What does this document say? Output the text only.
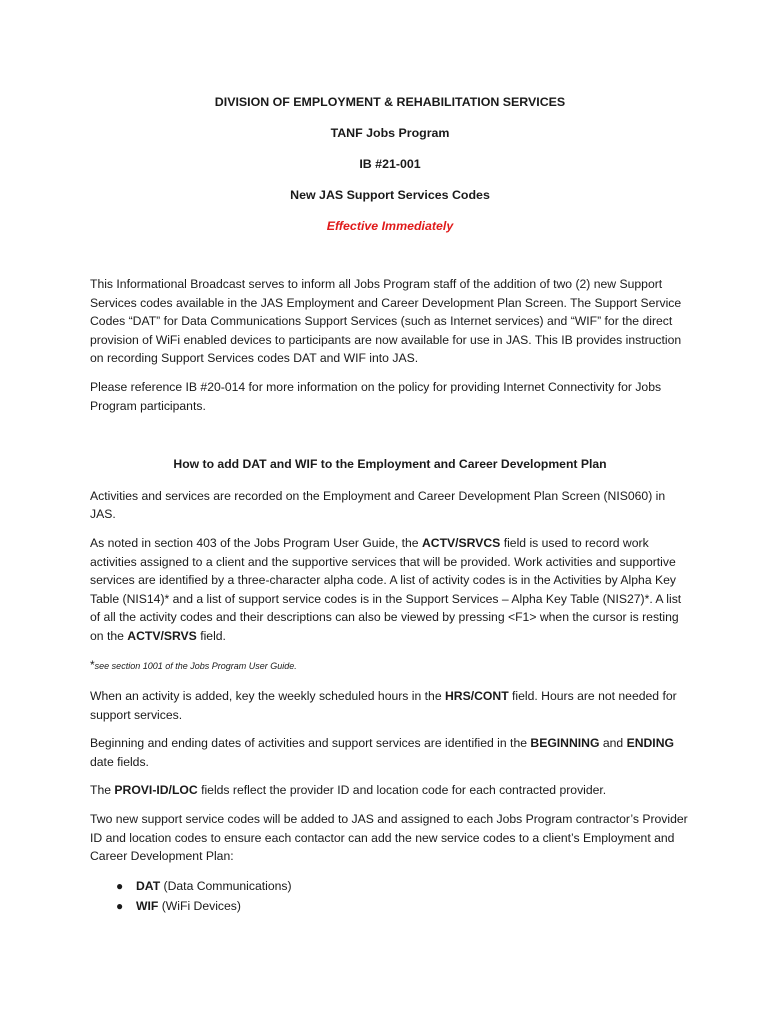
DIVISION OF EMPLOYMENT & REHABILITATION SERVICES
TANF Jobs Program
IB #21-001
New JAS Support Services Codes
Effective Immediately

This Informational Broadcast serves to inform all Jobs Program staff of the addition of two (2) new Support Services codes available in the JAS Employment and Career Development Plan Screen. The Support Service Codes “DAT” for Data Communications Support Services (such as Internet services) and “WIF” for the direct provision of WiFi enabled devices to participants are now available for use in JAS. This IB provides instruction on recording Support Services codes DAT and WIF into JAS.

Please reference IB #20-014 for more information on the policy for providing Internet Connectivity for Jobs Program participants.

How to add DAT and WIF to the Employment and Career Development Plan

Activities and services are recorded on the Employment and Career Development Plan Screen (NIS060) in JAS.

As noted in section 403 of the Jobs Program User Guide, the ACTV/SRVCS field is used to record work activities assigned to a client and the supportive services that will be provided. Work activities and supportive services are identified by a three-character alpha code. A list of activity codes is in the Activities by Alpha Key Table (NIS14)* and a list of support service codes is in the Support Services – Alpha Key Table (NIS27)*. A list of all the activity codes and their descriptions can also be viewed by pressing <F1> when the cursor is resting on the ACTV/SRVS field.

*see section 1001 of the Jobs Program User Guide.

When an activity is added, key the weekly scheduled hours in the HRS/CONT field. Hours are not needed for support services.

Beginning and ending dates of activities and support services are identified in the BEGINNING and ENDING date fields.

The PROVI-ID/LOC fields reflect the provider ID and location code for each contracted provider.

Two new support service codes will be added to JAS and assigned to each Jobs Program contractor’s Provider ID and location codes to ensure each contactor can add the new service codes to a client’s Employment and Career Development Plan:

● DAT (Data Communications)
● WIF (WiFi Devices)
